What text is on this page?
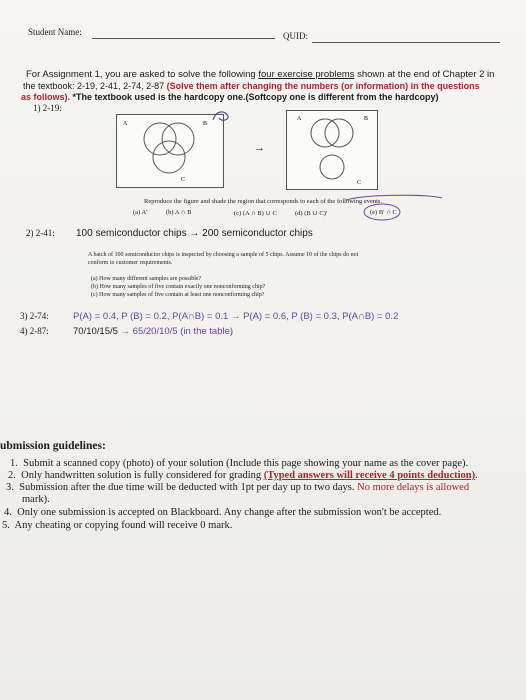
Student Name:	QUID:
For Assignment 1, you are asked to solve the following four exercise problems shown at the end of Chapter 2 in
the textbook: 2-19, 2-41, 2-74, 2-87 (Solve them after changing the numbers (or information) in the questions
as follows). *The textbook used is the hardcopy one.(Softcopy one is different from the hardcopy)
1) 2-19:
A	B
C
→
A	B
C
Reproduce the figure and shade the region that corresponds to each of the following events.
(a) A′	(b) A ∩ B	(c) (A ∩ B) ∪ C	(d) (B ∪ C)′	(e) B′ ∩ C
2) 2-41: 100 semiconductor chips → 200 semiconductor chips
A batch of 100 semiconductor chips is inspected by choosing a sample of 5 chips. Assume 10 of the chips do not
conform to customer requirements.
(a) How many different samples are possible?
(b) How many samples of five contain exactly one nonconforming chip?
(c) How many samples of five contain at least one nonconforming chip?
3) 2-74:	P(A) = 0.4, P (B) = 0.2, P(A∩B) = 0.1 → P(A) = 0.6, P (B) = 0.3, P(A∩B) = 0.2
4) 2-87:	70/10/15/5 → 65/20/10/5 (in the table)
ubmission guidelines:
1. Submit a scanned copy (photo) of your solution (Include this page showing your name as the cover page).
2. Only handwritten solution is fully considered for grading (Typed answers will receive 4 points deduction).
3. Submission after the due time will be deducted with 1pt per day up to two days. No more delays is allowed
mark).
4. Only one submission is accepted on Blackboard. Any change after the submission won't be accepted.
5. Any cheating or copying found will receive 0 mark.
